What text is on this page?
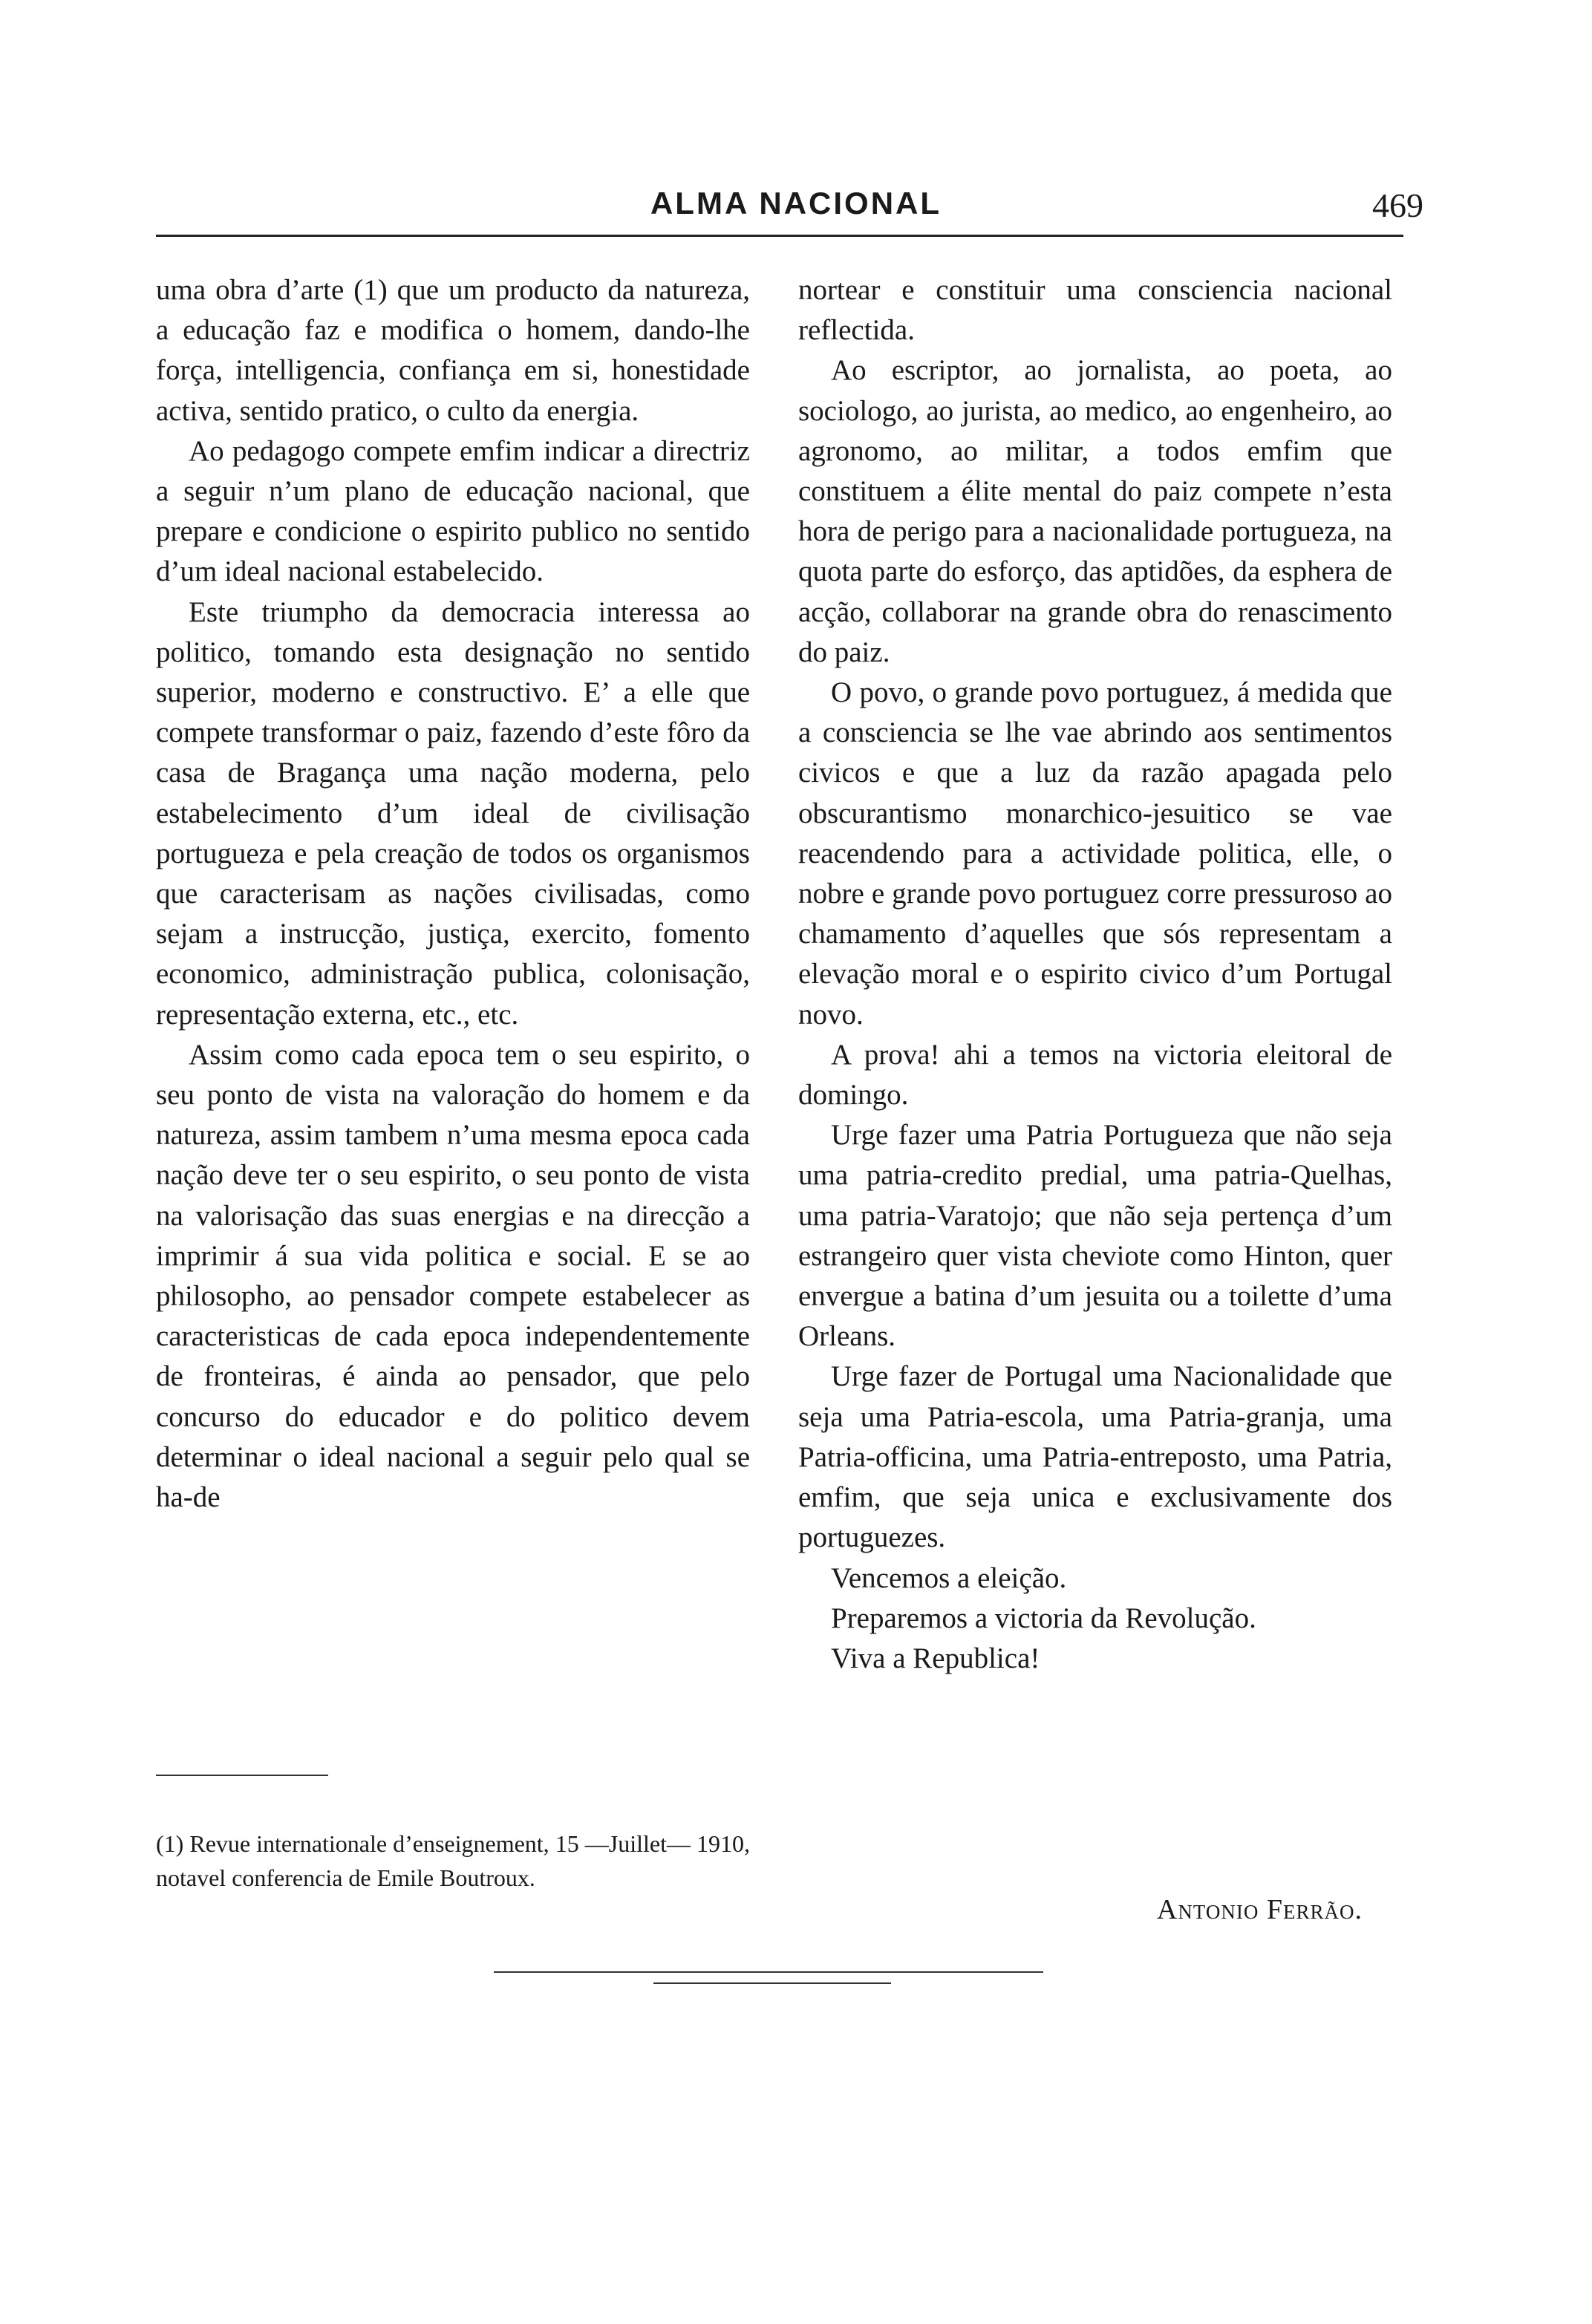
ALMA NACIONAL	469

uma obra d’arte (1) que um producto da natureza, a educação faz e modifica o homem, dando-lhe força, intelligencia, confiança em si, honestidade activa, sentido pratico, o culto da energia.

Ao pedagogo compete emfim indicar a directriz a seguir n’um plano de educação nacional, que prepare e condicione o espirito publico no sentido d’um ideal nacional estabelecido.

Este triumpho da democracia interessa ao politico, tomando esta designação no sentido superior, moderno e constructivo. E’ a elle que compete transformar o paiz, fazendo d’este fôro da casa de Bragança uma nação moderna, pelo estabelecimento d’um ideal de civilisação portugueza e pela creação de todos os organismos que caracterisam as nações civilisadas, como sejam a instrucção, justiça, exercito, fomento economico, administração publica, colonisação, representação externa, etc., etc.

Assim como cada epoca tem o seu espirito, o seu ponto de vista na valoração do homem e da natureza, assim tambem n’uma mesma epoca cada nação deve ter o seu espirito, o seu ponto de vista na valorisação das suas energias e na direcção a imprimir á sua vida politica e social. E se ao philosopho, ao pensador compete estabelecer as caracteristicas de cada epoca independentemente de fronteiras, é ainda ao pensador, que pelo concurso do educador e do politico devem determinar o ideal nacional a seguir pelo qual se ha-de

(1) Revue internationale d’enseignement, 15 —Juillet— 1910, notavel conferencia de Emile Boutroux.

nortear e constituir uma consciencia nacional reflectida.

Ao escriptor, ao jornalista, ao poeta, ao sociologo, ao jurista, ao medico, ao engenheiro, ao agronomo, ao militar, a todos emfim que constituem a élite mental do paiz compete n’esta hora de perigo para a nacionalidade portugueza, na quota parte do esforço, das aptidões, da esphera de acção, collaborar na grande obra do renascimento do paiz.

O povo, o grande povo portuguez, á medida que a consciencia se lhe vae abrindo aos sentimentos civicos e que a luz da razão apagada pelo obscurantismo monarchico-jesuitico se vae reacendendo para a actividade politica, elle, o nobre e grande povo portuguez corre pressuroso ao chamamento d’aquelles que sós representam a elevação moral e o espirito civico d’um Portugal novo.

A prova! ahi a temos na victoria eleitoral de domingo.

Urge fazer uma Patria Portugueza que não seja uma patria-credito predial, uma patria-Quelhas, uma patria-Varatojo; que não seja pertença d’um estrangeiro quer vista cheviote como Hinton, quer envergue a batina d’um jesuita ou a toilette d’uma Orleans.

Urge fazer de Portugal uma Nacionalidade que seja uma Patria-escola, uma Patria-granja, uma Patria-officina, uma Patria-entreposto, uma Patria, emfim, que seja unica e exclusivamente dos portuguezes.

Vencemos a eleição.

Preparemos a victoria da Revolução.

Viva a Republica!

Antonio Ferrão.
